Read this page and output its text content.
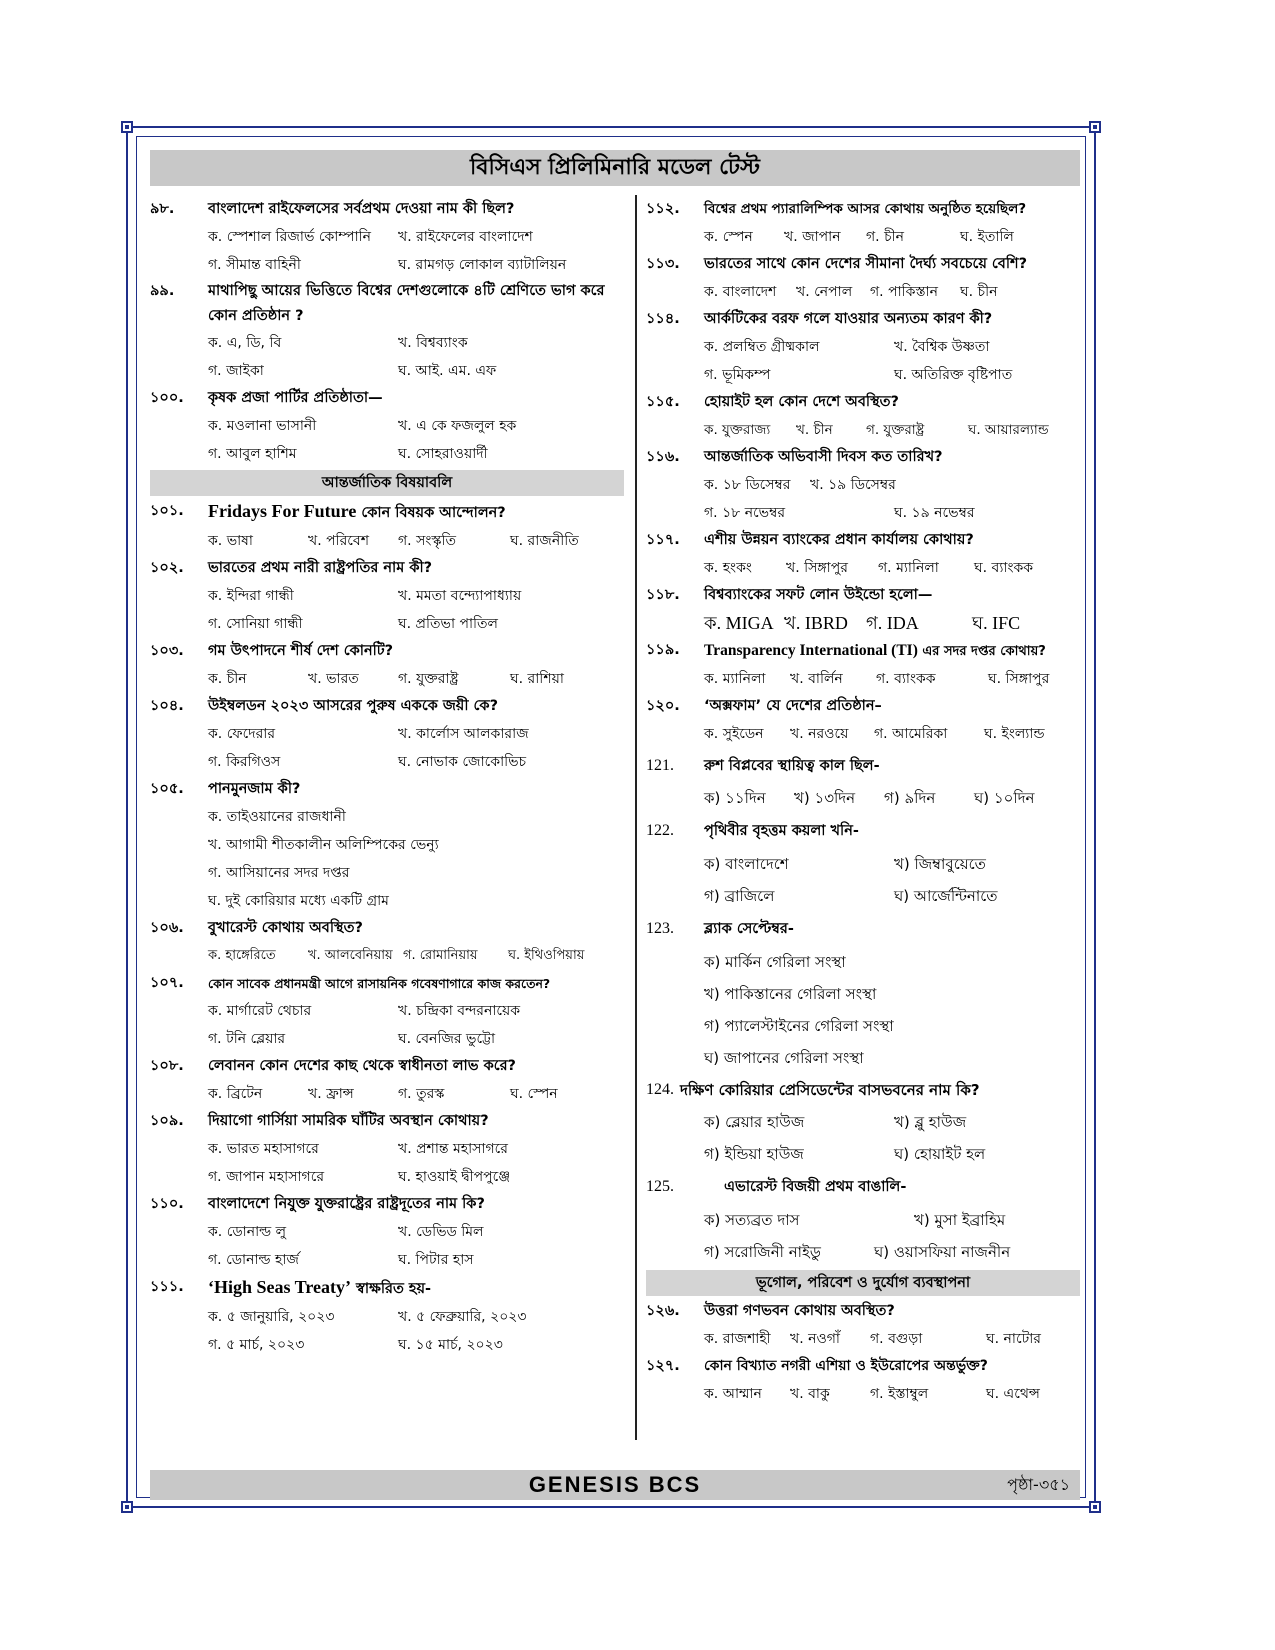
বিসিএস প্রিলিমিনারি মডেল টেস্ট
৯৮.	বাংলাদেশ রাইফেলসের সর্বপ্রথম দেওয়া নাম কী ছিল?
ক. স্পেশাল রিজার্ভ কোম্পানি	খ. রাইফেলের বাংলাদেশ
গ. সীমান্ত বাহিনী	ঘ. রামগড় লোকাল ব্যাটালিয়ন
৯৯.	মাথাপিছু আয়ের ভিত্তিতে বিশ্বের দেশগুলোকে ৪টি শ্রেণিতে ভাগ করে কোন প্রতিষ্ঠান ?
ক. এ, ডি, বি	খ. বিশ্বব্যাংক
গ. জাইকা	ঘ. আই. এম. এফ
১০০.	কৃষক প্রজা পার্টির প্রতিষ্ঠাতা—
ক. মওলানা ভাসানী	খ. এ কে ফজলুল হক
গ. আবুল হাশিম	ঘ. সোহরাওয়ার্দী
আন্তর্জাতিক বিষয়াবলি
১০১.	Fridays For Future কোন বিষয়ক আন্দোলন?
ক. ভাষা	খ. পরিবেশ	গ. সংস্কৃতি	ঘ. রাজনীতি
১০২.	ভারতের প্রথম নারী রাষ্ট্রপতির নাম কী?
ক. ইন্দিরা গান্ধী	খ. মমতা বন্দ্যোপাধ্যায়
গ. সোনিয়া গান্ধী	ঘ. প্রতিভা পাতিল
১০৩.	গম উৎপাদনে শীর্ষ দেশ কোনটি?
ক. চীন	খ. ভারত	গ. যুক্তরাষ্ট্র	ঘ. রাশিয়া
১০৪.	উইম্বলডন ২০২৩ আসরের পুরুষ এককে জয়ী কে?
ক. ফেদেরার	খ. কার্লোস আলকারাজ
গ. কিরগিওস	ঘ. নোভাক জোকোভিচ
১০৫.	পানমুনজাম কী?
ক. তাইওয়ানের রাজধানী
খ. আগামী শীতকালীন অলিম্পিকের ভেন্যু
গ. আসিয়ানের সদর দপ্তর
ঘ. দুই কোরিয়ার মধ্যে একটি গ্রাম
১০৬.	বুখারেস্ট কোথায় অবস্থিত?
ক. হাঙ্গেরিতে	খ. আলবেনিয়ায় গ. রোমানিয়ায়	ঘ. ইথিওপিয়ায়
১০৭.	কোন সাবেক প্রধানমন্ত্রী আগে রাসায়নিক গবেষণাগারে কাজ করতেন?
ক. মার্গারেট থেচার	খ. চন্দ্রিকা বন্দরনায়েক
গ. টনি ব্লেয়ার	ঘ. বেনজির ভুট্টো
১০৮.	লেবানন কোন দেশের কাছ থেকে স্বাধীনতা লাভ করে?
ক. ব্রিটেন	খ. ফ্রান্স	গ. তুরস্ক	ঘ. স্পেন
১০৯.	দিয়াগো গার্সিয়া সামরিক ঘাঁটির অবস্থান কোথায়?
ক. ভারত মহাসাগরে	খ. প্রশান্ত মহাসাগরে
গ. জাপান মহাসাগরে	ঘ. হাওয়াই দ্বীপপুঞ্জে
১১০.	বাংলাদেশে নিযুক্ত যুক্তরাষ্ট্রের রাষ্ট্রদূতের নাম কি?
ক. ডোনাল্ড লু	খ. ডেভিড মিল
গ. ডোনাল্ড হার্জ	ঘ. পিটার হাস
১১১.	‘High Seas Treaty’ স্বাক্ষরিত হয়-
ক. ৫ জানুয়ারি, ২০২৩	খ. ৫ ফেব্রুয়ারি, ২০২৩
গ. ৫ মার্চ, ২০২৩	ঘ. ১৫ মার্চ, ২০২৩
১১২.	বিশ্বের প্রথম প্যারালিম্পিক আসর কোথায় অনুষ্ঠিত হয়েছিল?
ক. স্পেন	খ. জাপান	গ. চীন	ঘ. ইতালি
১১৩.	ভারতের সাথে কোন দেশের সীমানা দৈর্ঘ্য সবচেয়ে বেশি?
ক. বাংলাদেশ	খ. নেপাল	গ. পাকিস্তান	ঘ. চীন
১১৪.	আর্কটিকের বরফ গলে যাওয়ার অন্যতম কারণ কী?
ক. প্রলম্বিত গ্রীষ্মকাল	খ. বৈশ্বিক উষ্ণতা
গ. ভূমিকম্প	ঘ. অতিরিক্ত বৃষ্টিপাত
১১৫.	হোয়াইট হল কোন দেশে অবস্থিত?
ক. যুক্তরাজ্য	খ. চীন	গ. যুক্তরাষ্ট্র	ঘ. আয়ারল্যান্ড
১১৬.	আন্তর্জাতিক অভিবাসী দিবস কত তারিখ?
ক. ১৮ ডিসেম্বর	খ. ১৯ ডিসেম্বর
গ. ১৮ নভেম্বর	ঘ. ১৯ নভেম্বর
১১৭.	এশীয় উন্নয়ন ব্যাংকের প্রধান কার্যালয় কোথায়?
ক. হংকং	খ. সিঙ্গাপুর	গ. ম্যানিলা	ঘ. ব্যাংকক
১১৮.	বিশ্বব্যাংকের সফট লোন উইন্ডো হলো—
ক. MIGA খ. IBRD	গ. IDA	ঘ. IFC
১১৯.	Transparency International (TI) এর সদর দপ্তর কোথায়?
ক. ম্যানিলা	খ. বার্লিন	গ. ব্যাংকক	ঘ. সিঙ্গাপুর
১২০.	‘অক্সফাম’ যে দেশের প্রতিষ্ঠান–
ক. সুইডেন	খ. নরওয়ে	গ. আমেরিকা	ঘ. ইংল্যান্ড
121.	রুশ বিপ্লবের স্থায়িত্ব কাল ছিল-
ক) ১১দিন	খ) ১৩দিন	গ) ৯দিন	ঘ) ১০দিন
122.	পৃথিবীর বৃহত্তম কয়লা খনি-
ক) বাংলাদেশে	খ) জিম্বাবুয়েতে
গ) ব্রাজিলে	ঘ) আর্জেন্টিনাতে
123.	ব্ল্যাক সেপ্টেম্বর-
ক) মার্কিন গেরিলা সংস্থা
খ) পাকিস্তানের গেরিলা সংস্থা
গ) প্যালেস্টাইনের গেরিলা সংস্থা
ঘ) জাপানের গেরিলা সংস্থা
124. দক্ষিণ কোরিয়ার প্রেসিডেন্টের বাসভবনের নাম কি?
ক) ব্লেয়ার হাউজ	খ) ব্লু হাউজ
গ) ইন্ডিয়া হাউজ	ঘ) হোয়াইট হল
125.	এভারেস্ট বিজয়ী প্রথম বাঙালি-
ক) সত্যব্রত দাস	খ) মুসা ইব্রাহিম
গ) সরোজিনী নাইডু	ঘ) ওয়াসফিয়া নাজনীন
ভূগোল, পরিবেশ ও দুর্যোগ ব্যবস্থাপনা
১২৬.	উত্তরা গণভবন কোথায় অবস্থিত?
ক. রাজশাহী	খ. নওগাঁ	গ. বগুড়া	ঘ. নাটোর
১২৭.	কোন বিখ্যাত নগরী এশিয়া ও ইউরোপের অন্তর্ভুক্ত?
ক. আম্মান	খ. বাকু	গ. ইস্তাম্বুল	ঘ. এথেন্স
GENESIS BCS	পৃষ্ঠা-৩৫১
